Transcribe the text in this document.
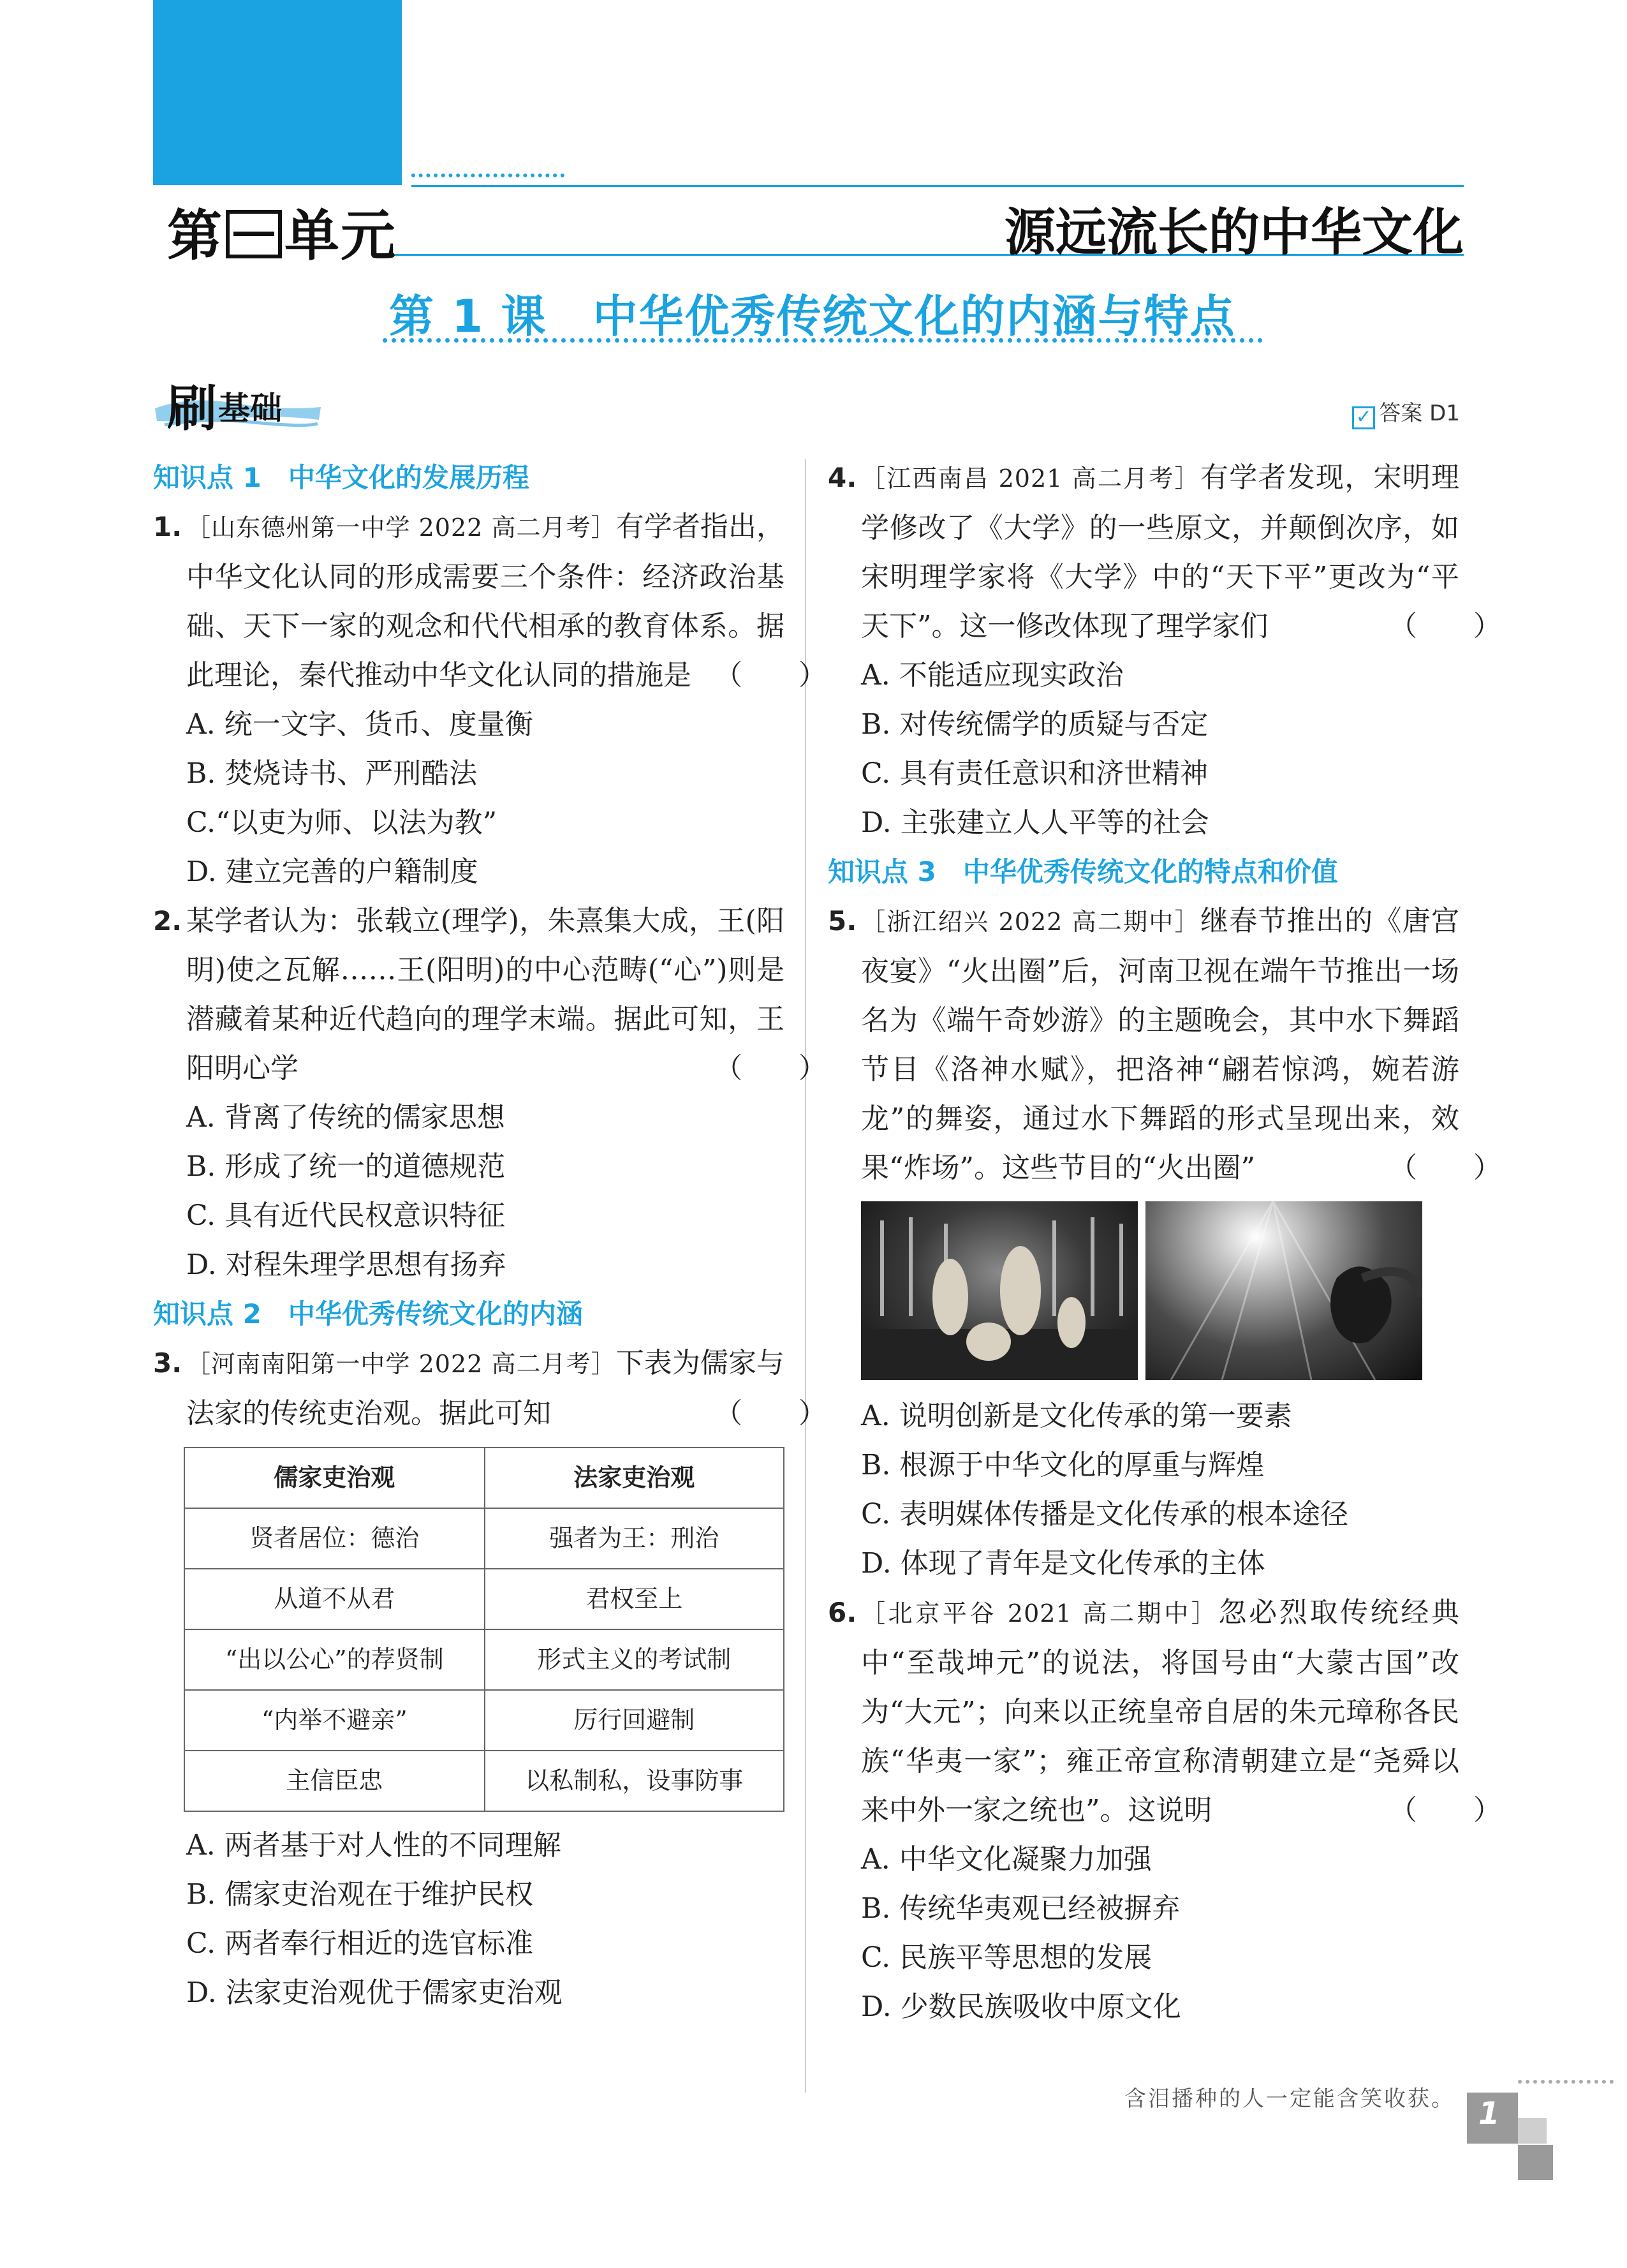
第 单元	源远流长的中华文化
第 1 课　中华优秀传统文化的内涵与特点
刷 基础	✓ 答案 D1
知识点 1　中华文化的发展历程
1. ［山东德州第一中学 2022 高二月考］有学者指出，中华文化认同的形成需要三个条件：经济政治基础、天下一家的观念和代代相承的教育体系。据此理论，秦代推动中华文化认同的措施是 （　　）
A. 统一文字、货币、度量衡
B. 焚烧诗书、严刑酷法
C.“以吏为师、以法为教”
D. 建立完善的户籍制度
2. 某学者认为：张载立(理学)，朱熹集大成，王(阳明)使之瓦解……王(阳明)的中心范畴(“心”)则是潜藏着某种近代趋向的理学末端。据此可知，王阳明心学	（　　）
A. 背离了传统的儒家思想
B. 形成了统一的道德规范
C. 具有近代民权意识特征
D. 对程朱理学思想有扬弃
知识点 2　中华优秀传统文化的内涵
3. ［河南南阳第一中学 2022 高二月考］下表为儒家与法家的传统吏治观。据此可知	（　　）
儒家吏治观	法家吏治观
贤者居位：德治	强者为王：刑治
从道不从君	君权至上
“出以公心”的荐贤制	形式主义的考试制
“内举不避亲”	厉行回避制
主信臣忠	以私制私，设事防事
A. 两者基于对人性的不同理解
B. 儒家吏治观在于维护民权
C. 两者奉行相近的选官标准
D. 法家吏治观优于儒家吏治观
4. ［江西南昌 2021 高二月考］有学者发现，宋明理学修改了《大学》的一些原文，并颠倒次序，如宋明理学家将《大学》中的“天下平”更改为“平天下”。这一修改体现了理学家们	（　　）
A. 不能适应现实政治
B. 对传统儒学的质疑与否定
C. 具有责任意识和济世精神
D. 主张建立人人平等的社会
知识点 3　中华优秀传统文化的特点和价值
5. ［浙江绍兴 2022 高二期中］继春节推出的《唐宫夜宴》“火出圈”后，河南卫视在端午节推出一场名为《端午奇妙游》的主题晚会，其中水下舞蹈节目《洛神水赋》，把洛神“翩若惊鸿，婉若游龙”的舞姿，通过水下舞蹈的形式呈现出来，效果“炸场”。这些节目的“火出圈”	（　　）
A. 说明创新是文化传承的第一要素
B. 根源于中华文化的厚重与辉煌
C. 表明媒体传播是文化传承的根本途径
D. 体现了青年是文化传承的主体
6. ［北京平谷 2021 高二期中］忽必烈取传统经典中“至哉坤元”的说法，将国号由“大蒙古国”改为“大元”；向来以正统皇帝自居的朱元璋称各民族“华夷一家”；雍正帝宣称清朝建立是“尧舜以来中外一家之统也”。这说明	（　　）
A. 中华文化凝聚力加强
B. 传统华夷观已经被摒弃
C. 民族平等思想的发展
D. 少数民族吸收中原文化
含泪播种的人一定能含笑收获。 1
